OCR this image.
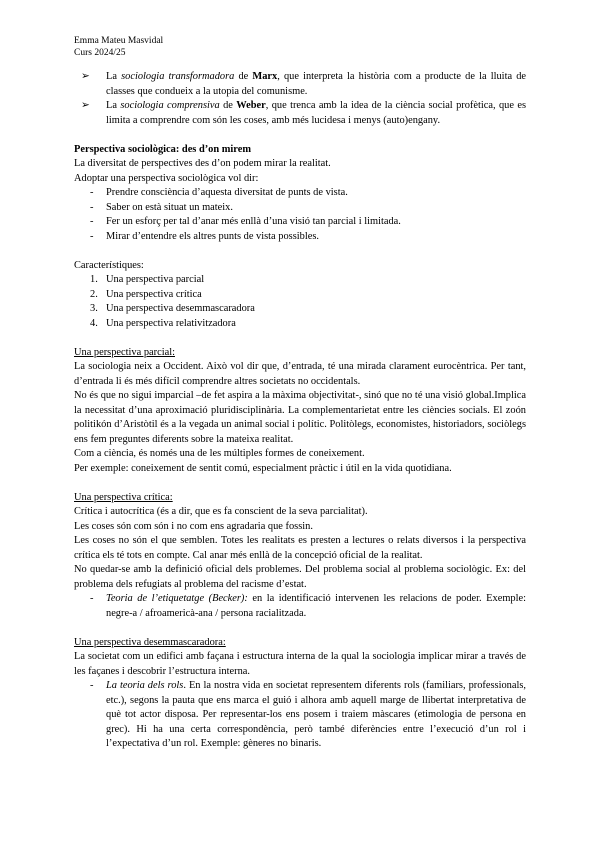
Emma Mateu Masvidal
Curs 2024/25

➢ La sociologia transformadora de Marx, que interpreta la història com a producte de la lluita de classes que condueix a la utopia del comunisme.

➢ La sociologia comprensiva de Weber, que trenca amb la idea de la ciència social profètica, que es limita a comprendre com són les coses, amb més lucidesa i menys (auto)engany.

Perspectiva sociològica: des d’on mirem

La diversitat de perspectives des d’on podem mirar la realitat.

Adoptar una perspectiva sociològica vol dir:

- Prendre consciència d’aquesta diversitat de punts de vista.

- Saber on està situat un mateix.

- Fer un esforç per tal d’anar més enllà d’una visió tan parcial i limitada.

- Mirar d’entendre els altres punts de vista possibles.

Característiques:

1. Una perspectiva parcial

2. Una perspectiva crítica

3. Una perspectiva desemmascaradora

4. Una perspectiva relativitzadora

Una perspectiva parcial:

La sociologia neix a Occident. Això vol dir que, d’entrada, té una mirada clarament eurocèntrica. Per tant, d’entrada li és més difícil comprendre altres societats no occidentals.

No és que no sigui imparcial –de fet aspira a la màxima objectivitat-, sinó que no té una visió global.Implica la necessitat d’una aproximació pluridisciplinària. La complementarietat entre les ciències socials. El zoón politikón d’Aristòtil és a la vegada un animal social i polític. Politòlegs, economistes, historiadors, sociòlegs ens fem preguntes diferents sobre la mateixa realitat.

Com a ciència, és només una de les múltiples formes de coneixement.

Per exemple: coneixement de sentit comú, especialment pràctic i útil en la vida quotidiana.

Una perspectiva crítica:

Crítica i autocrítica (és a dir, que es fa conscient de la seva parcialitat).

Les coses són com són i no com ens agradaria que fossin.

Les coses no són el que semblen. Totes les realitats es presten a lectures o relats diversos i la perspectiva crítica els té tots en compte. Cal anar més enllà de la concepció oficial de la realitat.

No quedar-se amb la definició oficial dels problemes. Del problema social al problema sociològic. Ex: del problema dels refugiats al problema del racisme d’estat.

- Teoria de l’etiquetatge (Becker): en la identificació intervenen les relacions de poder. Exemple: negre-a / afroamericà-ana / persona racialitzada.

Una perspectiva desemmascaradora:

La societat com un edifici amb façana i estructura interna de la qual la sociologia implicar mirar a través de les façanes i descobrir l’estructura interna.

- La teoria dels rols. En la nostra vida en societat representem diferents rols (familiars, professionals, etc.), segons la pauta que ens marca el guió i alhora amb aquell marge de llibertat interpretativa de què tot actor disposa. Per representar-los ens posem i traiem màscares (etimologia de persona en grec). Hi ha una certa correspondència, però també diferències entre l’execució d’un rol i l’expectativa d’un rol. Exemple: gèneres no binaris.
